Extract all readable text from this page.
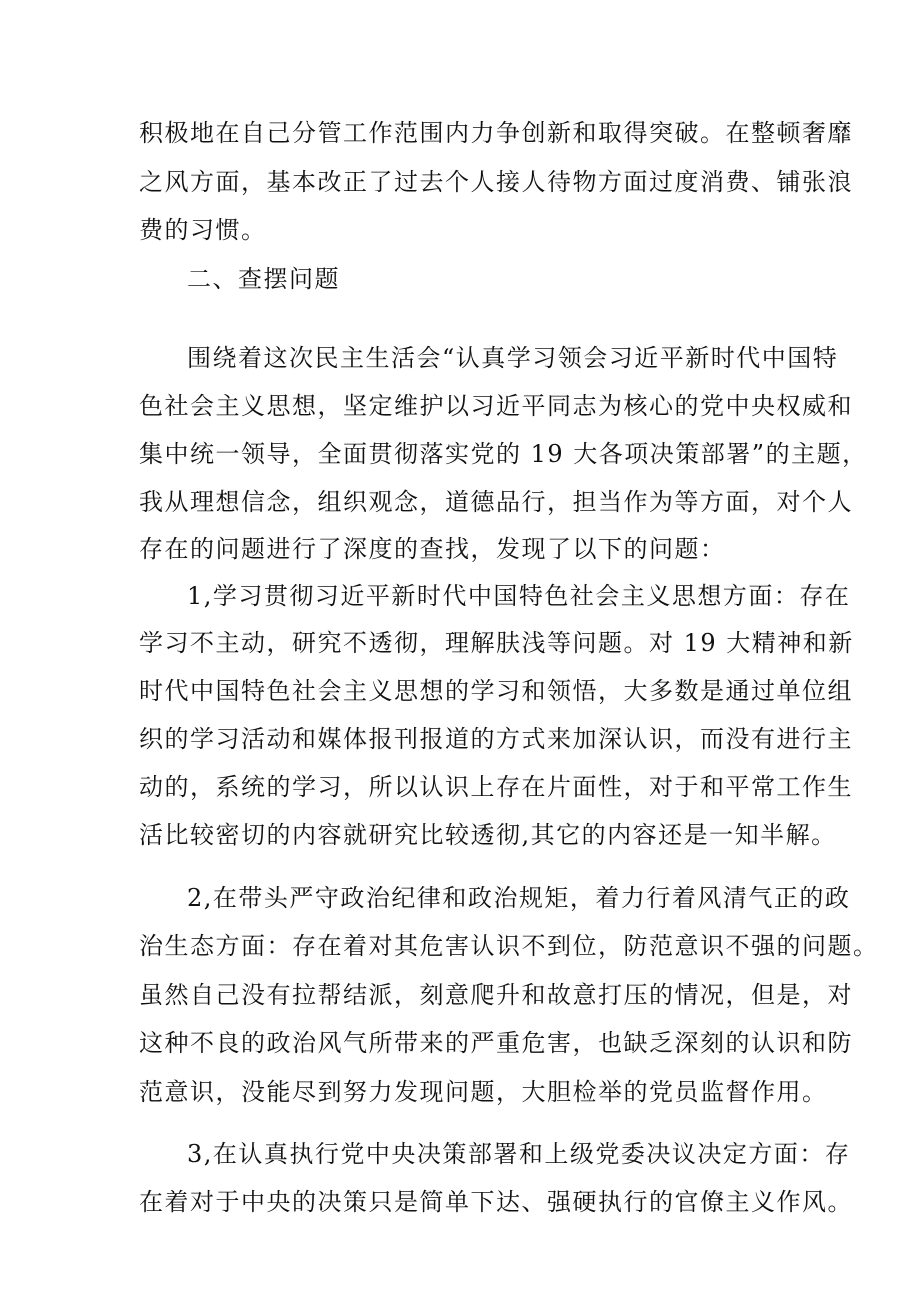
积极地在自己分管工作范围内力争创新和取得突破。在整顿奢靡
之风方面，基本改正了过去个人接人待物方面过度消费、铺张浪
费的习惯。
二、查摆问题
围绕着这次民主生活会“认真学习领会习近平新时代中国特
色社会主义思想，坚定维护以习近平同志为核心的党中央权威和
集中统一领导，全面贯彻落实党的 19 大各项决策部署”的主题，
我从理想信念，组织观念，道德品行，担当作为等方面，对个人
存在的问题进行了深度的查找，发现了以下的问题：
1,学习贯彻习近平新时代中国特色社会主义思想方面：存在
学习不主动，研究不透彻，理解肤浅等问题。对 19 大精神和新
时代中国特色社会主义思想的学习和领悟，大多数是通过单位组
织的学习活动和媒体报刊报道的方式来加深认识，而没有进行主
动的，系统的学习，所以认识上存在片面性，对于和平常工作生
活比较密切的内容就研究比较透彻,其它的内容还是一知半解。
2,在带头严守政治纪律和政治规矩，着力行着风清气正的政
治生态方面：存在着对其危害认识不到位，防范意识不强的问题。
虽然自己没有拉帮结派，刻意爬升和故意打压的情况，但是，对
这种不良的政治风气所带来的严重危害，也缺乏深刻的认识和防
范意识，没能尽到努力发现问题，大胆检举的党员监督作用。
3,在认真执行党中央决策部署和上级党委决议决定方面：存
在着对于中央的决策只是简单下达、强硬执行的官僚主义作风。
